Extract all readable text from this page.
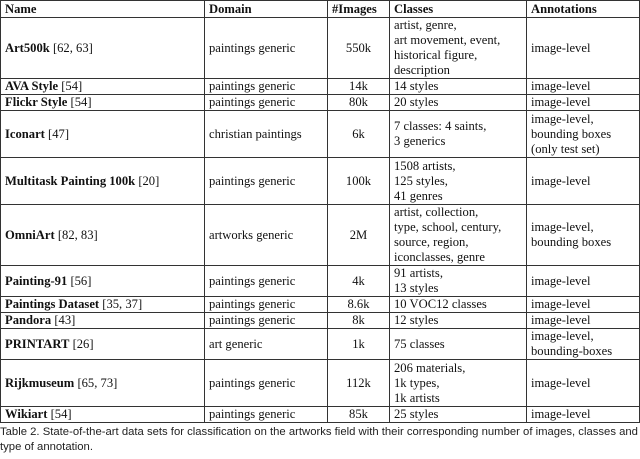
Name	Domain	#Images	Classes	Annotations
Art500k [62, 63]	paintings generic	550k	artist, genre,
art movement, event,
historical figure,
description	image-level
AVA Style [54]	paintings generic	14k	14 styles	image-level
Flickr Style [54]	paintings generic	80k	20 styles	image-level
Iconart [47]	christian paintings	6k	7 classes: 4 saints,
3 generics	image-level,
bounding boxes
(only test set)
Multitask Painting 100k [20]	paintings generic	100k	1508 artists,
125 styles,
41 genres	image-level
OmniArt [82, 83]	artworks generic	2M	artist, collection,
type, school, century,
source, region,
iconclasses, genre	image-level,
bounding boxes
Painting-91 [56]	paintings generic	4k	91 artists,
13 styles	image-level
Paintings Dataset [35, 37]	paintings generic	8.6k	10 VOC12 classes	image-level
Pandora [43]	paintings generic	8k	12 styles	image-level
PRINTART [26]	art generic	1k	75 classes	image-level,
bounding-boxes
Rijkmuseum [65, 73]	paintings generic	112k	206 materials,
1k types,
1k artists	image-level
Wikiart [54]	paintings generic	85k	25 styles	image-level
Table 2. State-of-the-art data sets for classification on the artworks field with their corresponding number of images, classes and type of annotation.
